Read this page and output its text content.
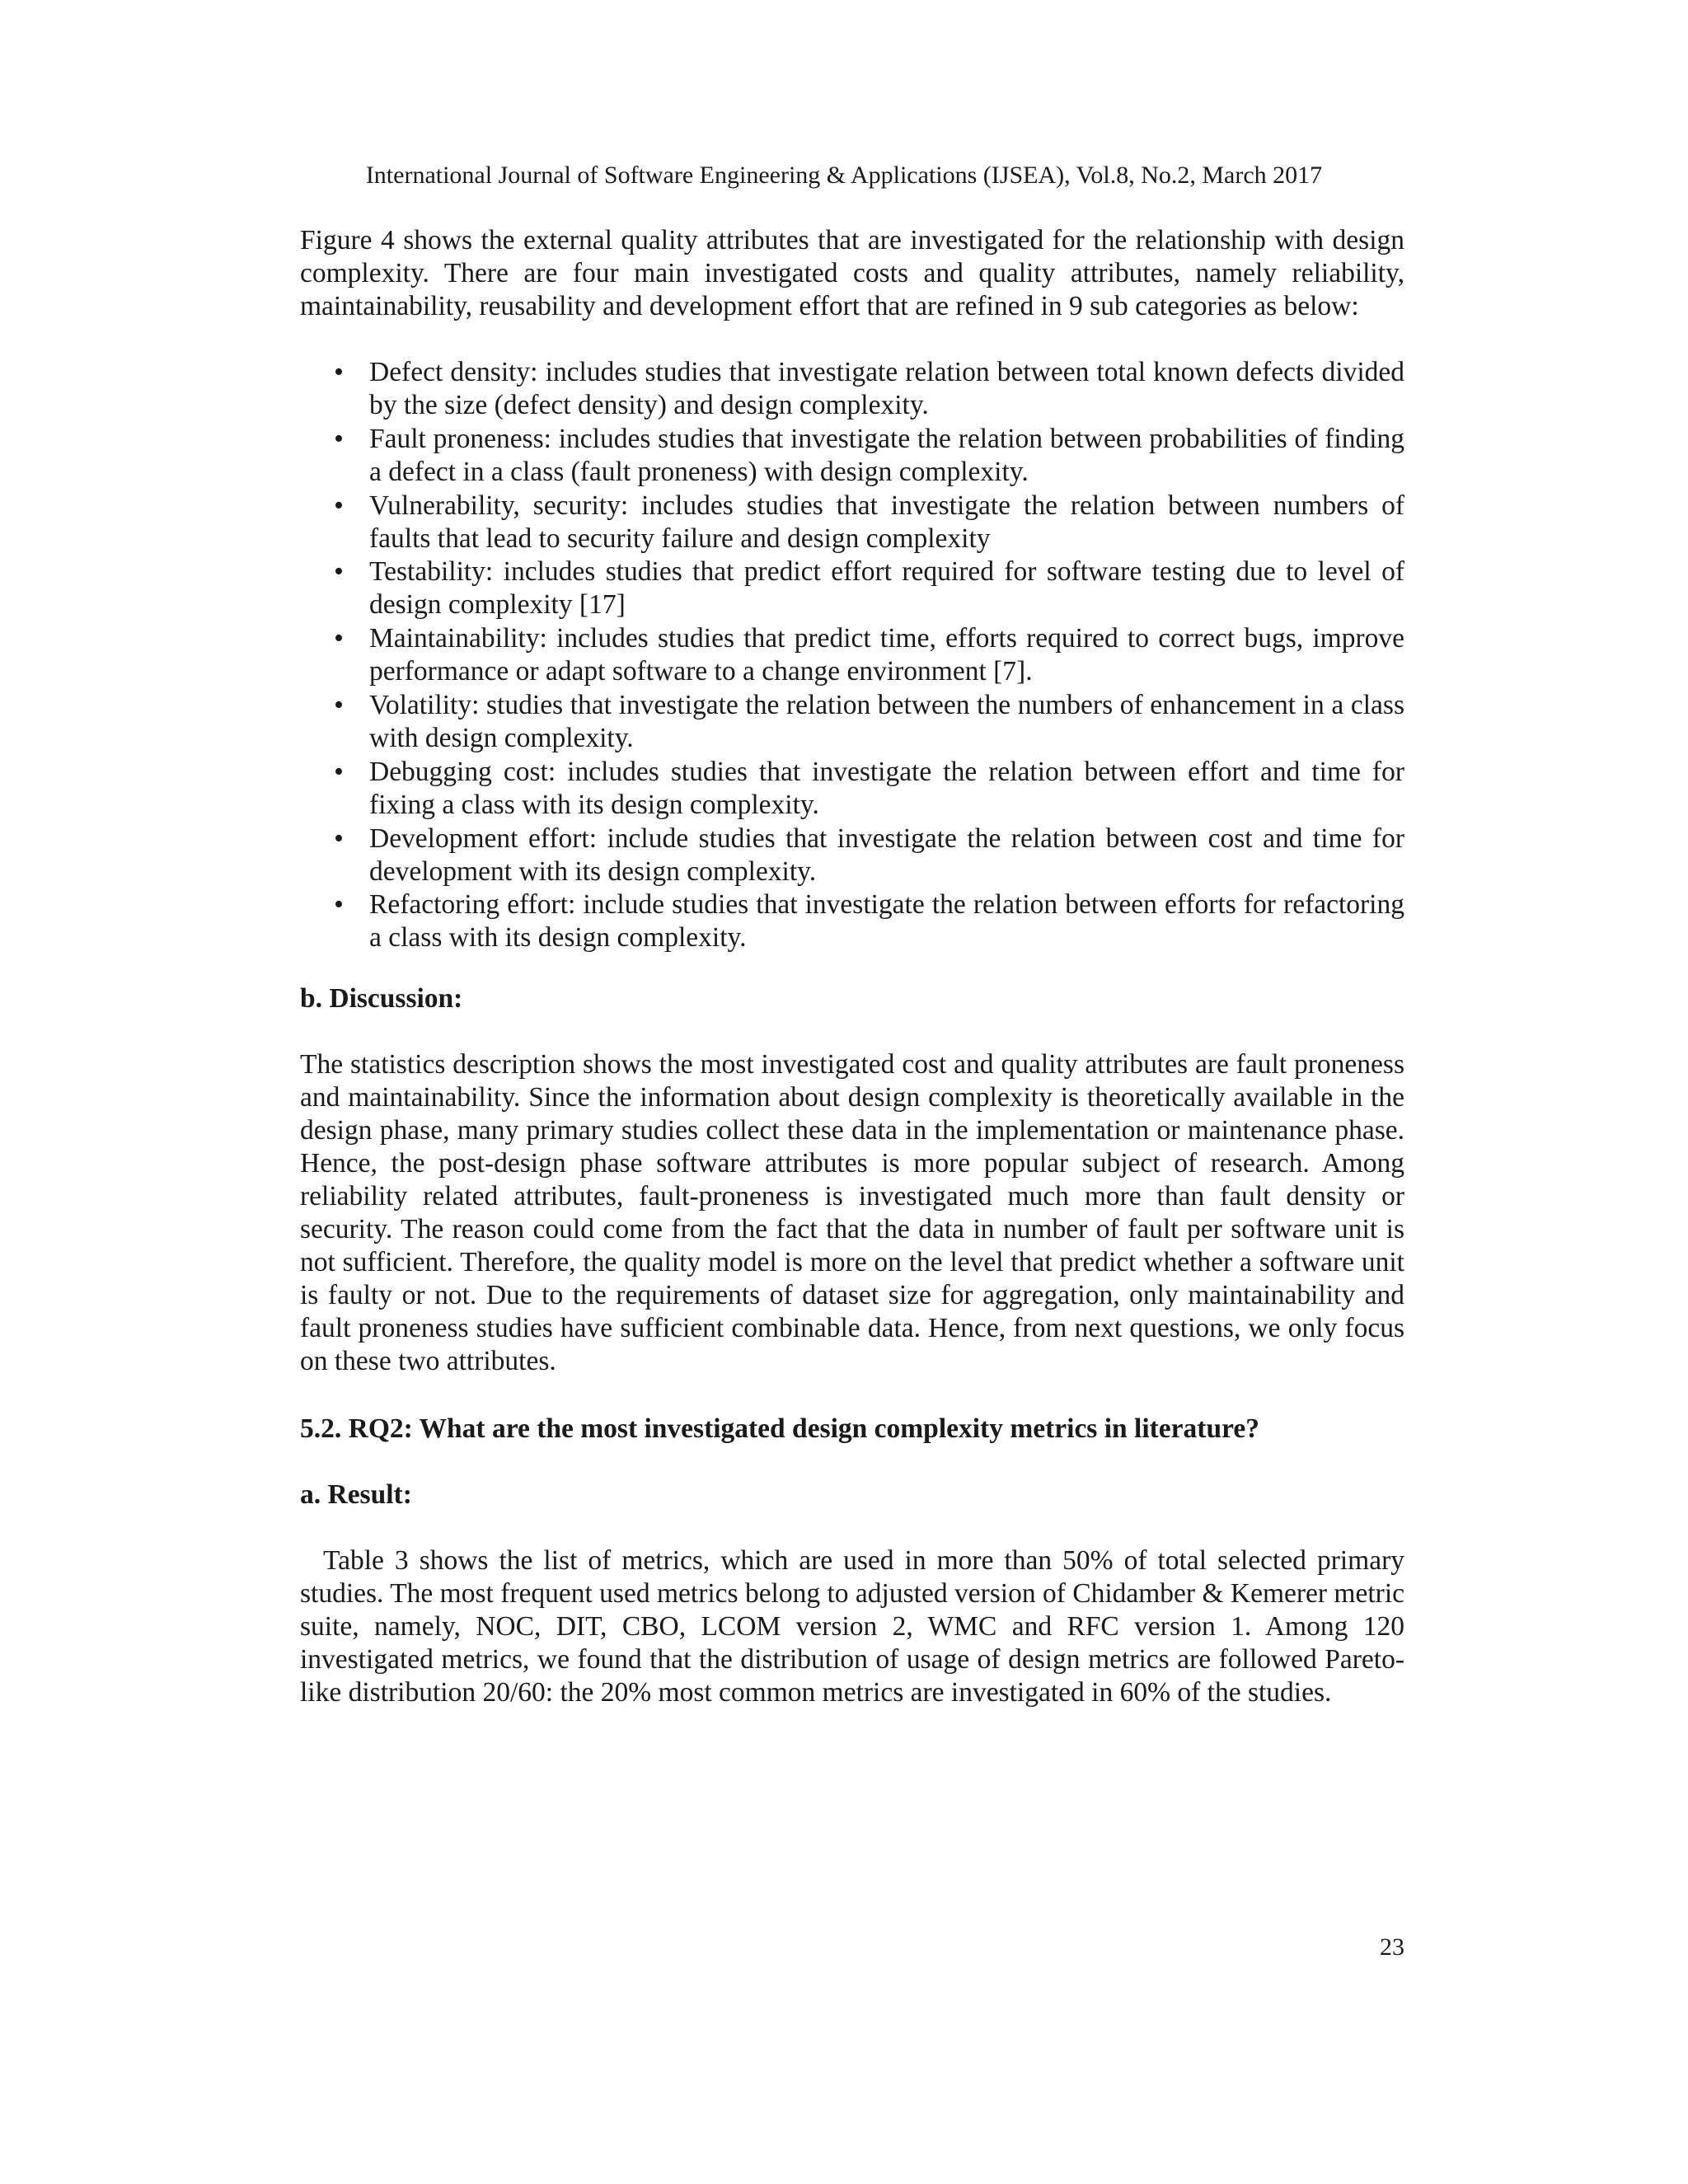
International Journal of Software Engineering & Applications (IJSEA), Vol.8, No.2, March 2017

Figure 4 shows the external quality attributes that are investigated for the relationship with design complexity. There are four main investigated costs and quality attributes, namely reliability, maintainability, reusability and development effort that are refined in 9 sub categories as below:

• Defect density: includes studies that investigate relation between total known defects divided by the size (defect density) and design complexity.
• Fault proneness: includes studies that investigate the relation between probabilities of finding a defect in a class (fault proneness) with design complexity.
• Vulnerability, security: includes studies that investigate the relation between numbers of faults that lead to security failure and design complexity
• Testability: includes studies that predict effort required for software testing due to level of design complexity [17]
• Maintainability: includes studies that predict time, efforts required to correct bugs, improve performance or adapt software to a change environment [7].
• Volatility: studies that investigate the relation between the numbers of enhancement in a class with design complexity.
• Debugging cost: includes studies that investigate the relation between effort and time for fixing a class with its design complexity.
• Development effort: include studies that investigate the relation between cost and time for development with its design complexity.
• Refactoring effort: include studies that investigate the relation between efforts for refactoring a class with its design complexity.
b. Discussion:

The statistics description shows the most investigated cost and quality attributes are fault proneness and maintainability. Since the information about design complexity is theoretically available in the design phase, many primary studies collect these data in the implementation or maintenance phase. Hence, the post-design phase software attributes is more popular subject of research. Among reliability related attributes, fault-proneness is investigated much more than fault density or security. The reason could come from the fact that the data in number of fault per software unit is not sufficient. Therefore, the quality model is more on the level that predict whether a software unit is faulty or not. Due to the requirements of dataset size for aggregation, only maintainability and fault proneness studies have sufficient combinable data. Hence, from next questions, we only focus on these two attributes.

5.2. RQ2: What are the most investigated design complexity metrics in literature?
a. Result:

Table 3 shows the list of metrics, which are used in more than 50% of total selected primary studies. The most frequent used metrics belong to adjusted version of Chidamber & Kemerer metric suite, namely, NOC, DIT, CBO, LCOM version 2, WMC and RFC version 1. Among 120 investigated metrics, we found that the distribution of usage of design metrics are followed Pareto-like distribution 20/60: the 20% most common metrics are investigated in 60% of the studies.

23
